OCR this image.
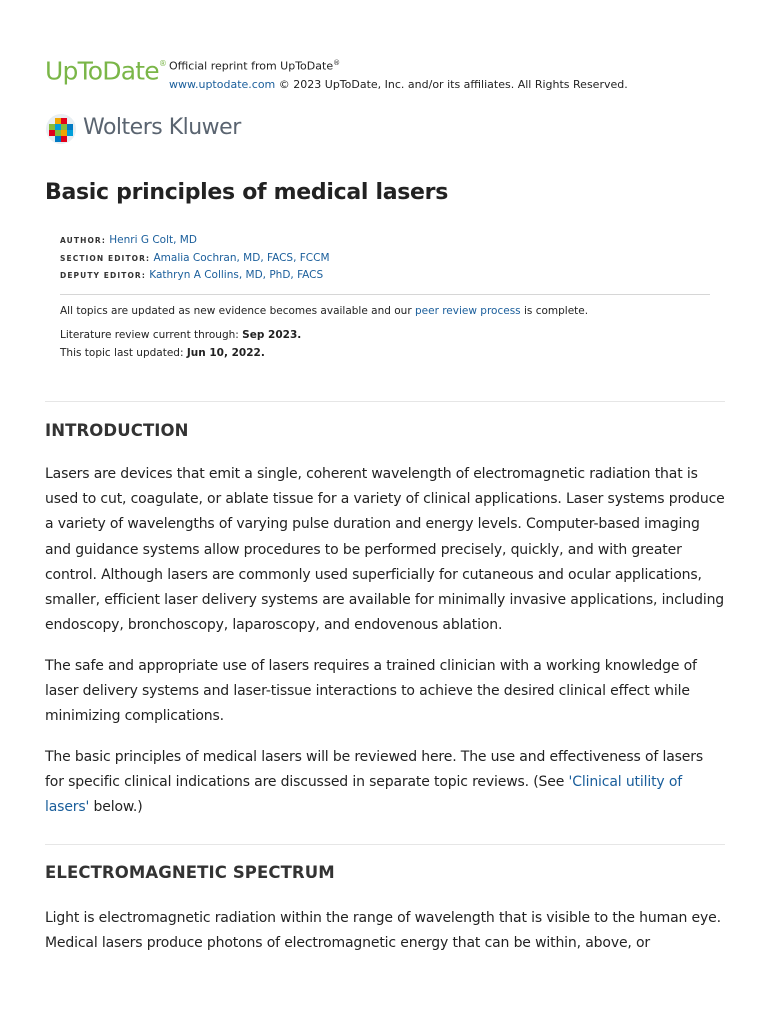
UpToDate® Official reprint from UpToDate®
www.uptodate.com © 2023 UpToDate, Inc. and/or its affiliates. All Rights Reserved.
Wolters Kluwer
Basic principles of medical lasers
AUTHOR: Henri G Colt, MD
SECTION EDITOR: Amalia Cochran, MD, FACS, FCCM
DEPUTY EDITOR: Kathryn A Collins, MD, PhD, FACS
All topics are updated as new evidence becomes available and our peer review process is complete.
Literature review current through: Sep 2023.
This topic last updated: Jun 10, 2022.
INTRODUCTION

Lasers are devices that emit a single, coherent wavelength of electromagnetic radiation that is used to cut, coagulate, or ablate tissue for a variety of clinical applications. Laser systems produce a variety of wavelengths of varying pulse duration and energy levels. Computer-based imaging and guidance systems allow procedures to be performed precisely, quickly, and with greater control. Although lasers are commonly used superficially for cutaneous and ocular applications, smaller, efficient laser delivery systems are available for minimally invasive applications, including endoscopy, bronchoscopy, laparoscopy, and endovenous ablation.

The safe and appropriate use of lasers requires a trained clinician with a working knowledge of laser delivery systems and laser-tissue interactions to achieve the desired clinical effect while minimizing complications.

The basic principles of medical lasers will be reviewed here. The use and effectiveness of lasers for specific clinical indications are discussed in separate topic reviews. (See 'Clinical utility of lasers' below.)

ELECTROMAGNETIC SPECTRUM

Light is electromagnetic radiation within the range of wavelength that is visible to the human eye. Medical lasers produce photons of electromagnetic energy that can be within, above, or
